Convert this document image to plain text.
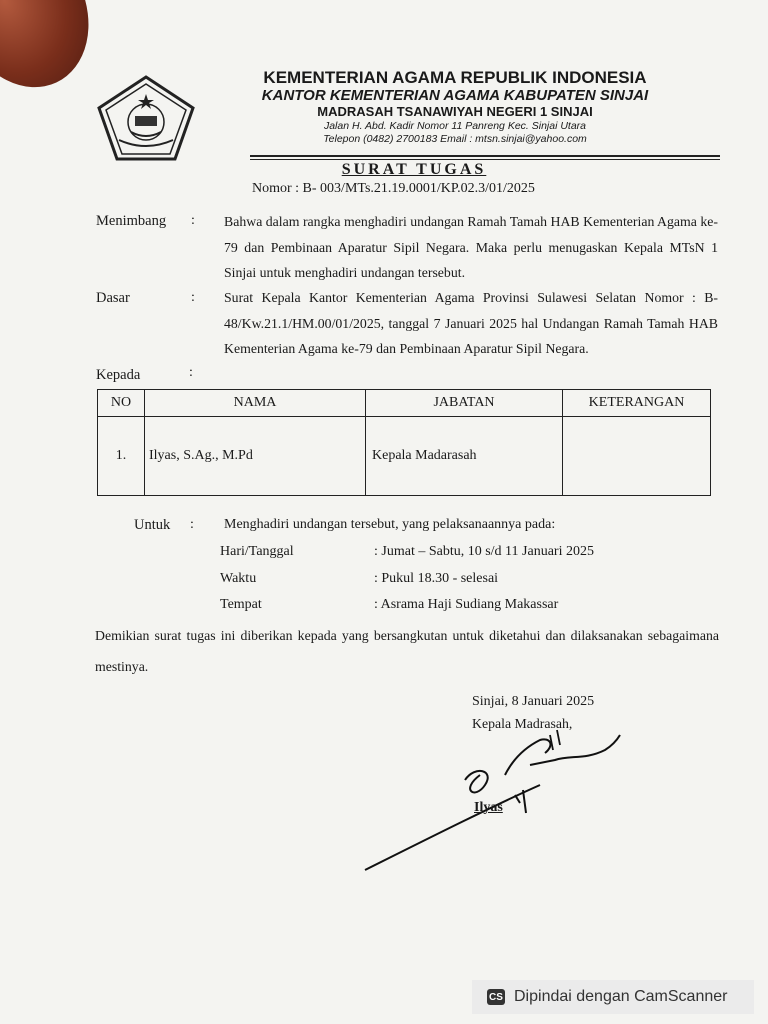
KEMENTERIAN AGAMA REPUBLIK INDONESIA

KANTOR KEMENTERIAN AGAMA KABUPATEN SINJAI

MADRASAH TSANAWIYAH NEGERI 1 SINJAI

Jalan H. Abd. Kadir Nomor 11 Panreng Kec. Sinjai Utara

Telepon (0482) 2700183 Email : mtsn.sinjai@yahoo.com

SURAT TUGAS
Nomor : B- 003/MTs.21.19.0001/KP.02.3/01/2025
Menimbang : Bahwa dalam rangka menghadiri undangan Ramah Tamah HAB Kementerian Agama ke-79 dan Pembinaan Aparatur Sipil Negara. Maka perlu menugaskan Kepala MTsN 1 Sinjai untuk menghadiri undangan tersebut.
Dasar	: Surat Kepala Kantor Kementerian Agama Provinsi Sulawesi Selatan Nomor : B-48/Kw.21.1/HM.00/01/2025, tanggal 7 Januari 2025 hal Undangan Ramah Tamah HAB Kementerian Agama ke-79 dan Pembinaan Aparatur Sipil Negara.
Kepada	:
NO	NAMA	JABATAN	KETERANGAN
1.	Ilyas, S.Ag., M.Pd	Kepala Madarasah	
Untuk : Menghadiri undangan tersebut, yang pelaksanaannya pada:
Hari/Tanggal	: Jumat – Sabtu, 10 s/d 11 Januari 2025
Waktu	: Pukul 18.30 - selesai
Tempat	: Asrama Haji Sudiang Makassar
Demikian surat tugas ini diberikan kepada yang bersangkutan untuk diketahui dan dilaksanakan sebagaimana mestinya.
Sinjai, 8 Januari 2025
Kepala Madrasah,
Ilyas
CS Dipindai dengan CamScanner
